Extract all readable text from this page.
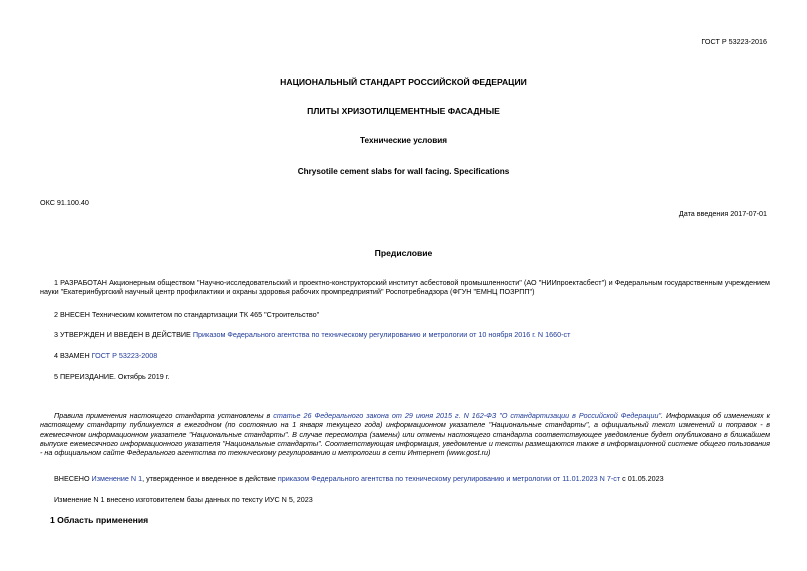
ГОСТ Р 53223-2016
НАЦИОНАЛЬНЫЙ СТАНДАРТ РОССИЙСКОЙ ФЕДЕРАЦИИ
ПЛИТЫ ХРИЗОТИЛЦЕМЕНТНЫЕ ФАСАДНЫЕ
Технические условия
Chrysotile cement slabs for wall facing. Specifications
ОКС 91.100.40
Дата введения 2017-07-01
Предисловие
1 РАЗРАБОТАН Акционерным обществом "Научно-исследовательский и проектно-конструкторский институт асбестовой промышленности" (АО "НИИпроектасбест") и Федеральным государственным учреждением науки "Екатеринбургский научный центр профилактики и охраны здоровья рабочих промпредприятий" Роспотребнадзора (ФГУН "ЕМНЦ ПОЗРПП")
2 ВНЕСЕН Техническим комитетом по стандартизации ТК 465 "Строительство"
3 УТВЕРЖДЕН И ВВЕДЕН В ДЕЙСТВИЕ Приказом Федерального агентства по техническому регулированию и метрологии от 10 ноября 2016 г. N 1660-ст
4 ВЗАМЕН ГОСТ Р 53223-2008
5 ПЕРЕИЗДАНИЕ. Октябрь 2019 г.
Правила применения настоящего стандарта установлены в статье 26 Федерального закона от 29 июня 2015 г. N 162-ФЗ "О стандартизации в Российской Федерации". Информация об изменениях к настоящему стандарту публикуется в ежегодном (по состоянию на 1 января текущего года) информационном указателе "Национальные стандарты", а официальный текст изменений и поправок - в ежемесячном информационном указателе "Национальные стандарты". В случае пересмотра (замены) или отмены настоящего стандарта соответствующее уведомление будет опубликовано в ближайшем выпуске ежемесячного информационного указателя "Национальные стандарты". Соответствующая информация, уведомление и тексты размещаются также в информационной системе общего пользования - на официальном сайте Федерального агентства по техническому регулированию и метрологии в сети Интернет (www.gost.ru)
ВНЕСЕНО Изменение N 1, утвержденное и введенное в действие приказом Федерального агентства по техническому регулированию и метрологии от 11.01.2023 N 7-ст с 01.05.2023
Изменение N 1 внесено изготовителем базы данных по тексту ИУС N 5, 2023
1 Область применения
